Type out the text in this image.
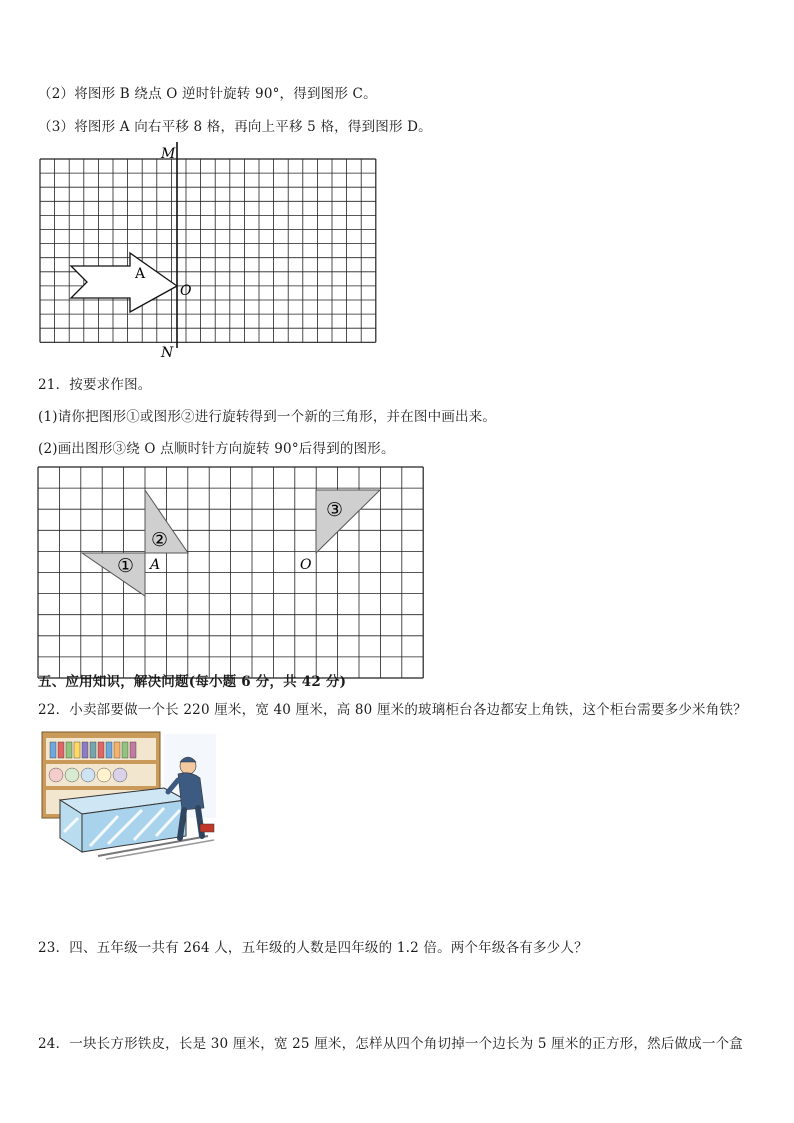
（2）将图形 B 绕点 O 逆时针旋转 90°，得到图形 C。
（3）将图形 A 向右平移 8 格，再向上平移 5 格，得到图形 D。
M
N
O
A
21．按要求作图。
(1)请你把图形①或图形②进行旋转得到一个新的三角形，并在图中画出来。
(2)画出图形③绕 O 点顺时针方向旋转 90°后得到的图形。
①
②
③
A	O
五、应用知识，解决问题(每小题 6 分，共 42 分)
22．小卖部要做一个长 220 厘米，宽 40 厘米，高 80 厘米的玻璃柜台各边都安上角铁，这个柜台需要多少米角铁？
23．四、五年级一共有 264 人，五年级的人数是四年级的 1.2 倍。两个年级各有多少人？
24．一块长方形铁皮，长是 30 厘米，宽 25 厘米，怎样从四个角切掉一个边长为 5 厘米的正方形，然后做成一个盒
